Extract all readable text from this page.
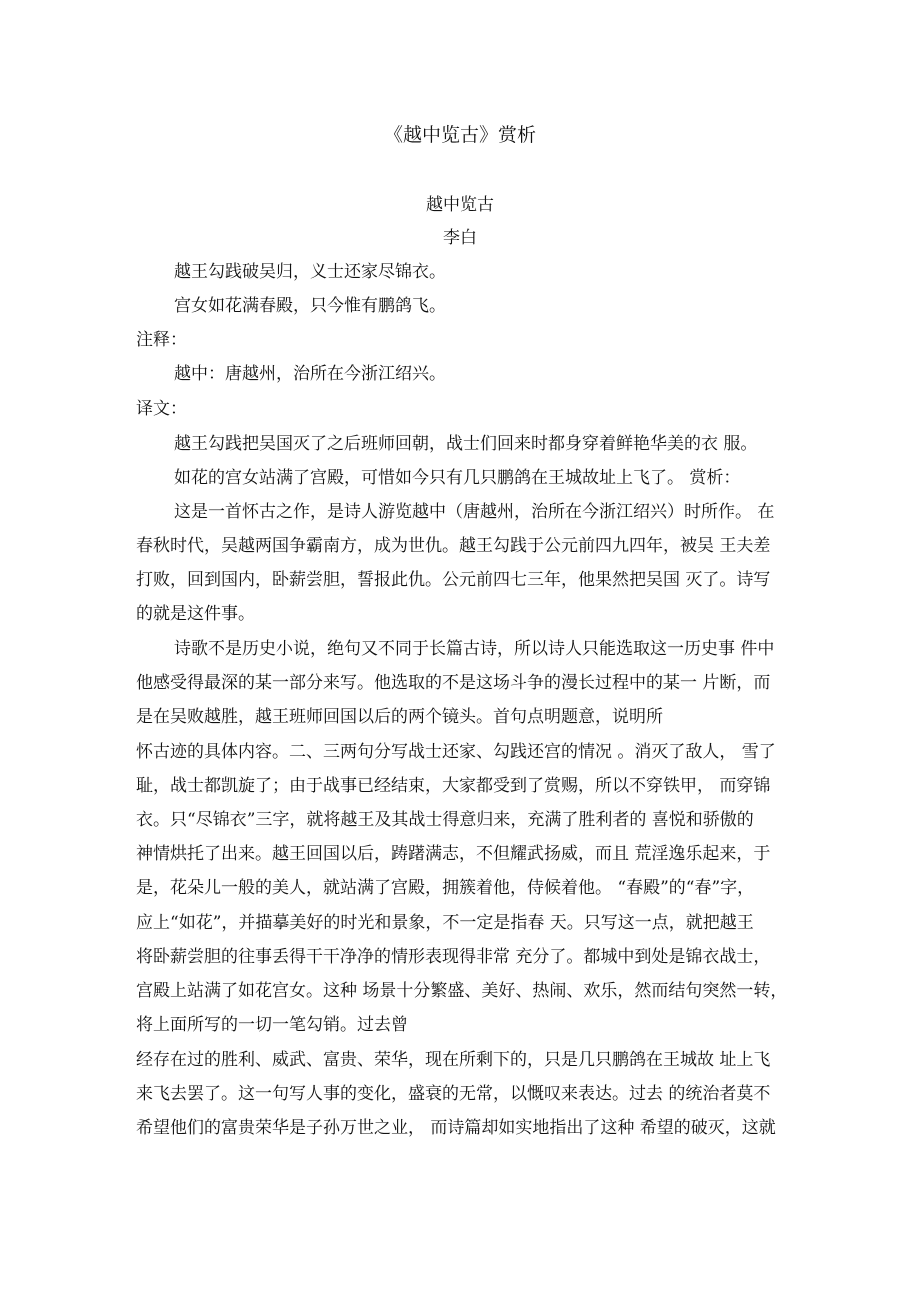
《越中览古》赏析
越中览古
李白
越王勾践破吴归，义士还家尽锦衣。
宫女如花满春殿，只今惟有鹏鸽飞。
注释：
越中：唐越州，治所在今浙江绍兴。
译文：
越王勾践把吴国灭了之后班师回朝，战士们回来时都身穿着鲜艳华美的衣 服。
如花的宫女站满了宫殿，可惜如今只有几只鹏鸽在王城故址上飞了。 赏析：
这是一首怀古之作，是诗人游览越中（唐越州，治所在今浙江绍兴）时所作。 在
春秋时代，吴越两国争霸南方，成为世仇。越王勾践于公元前四九四年，被吴 王夫差
打败，回到国内，卧薪尝胆，誓报此仇。公元前四七三年，他果然把吴国 灭了。诗写
的就是这件事。
诗歌不是历史小说，绝句又不同于长篇古诗，所以诗人只能选取这一历史事 件中
他感受得最深的某一部分来写。他选取的不是这场斗争的漫长过程中的某一 片断，而
是在吴败越胜，越王班师回国以后的两个镜头。首句点明题意，说明所
怀古迹的具体内容。二、三两句分写战士还家、勾践还宫的情况 。消灭了敌人， 雪了
耻，战士都凯旋了；由于战事已经结束，大家都受到了赏赐，所以不穿铁甲， 而穿锦
衣。只“尽锦衣”三字，就将越王及其战士得意归来，充满了胜利者的 喜悦和骄傲的
神情烘托了出来。越王回国以后，踌躇满志，不但耀武扬威，而且 荒淫逸乐起来，于
是，花朵儿一般的美人，就站满了宫殿，拥簇着他，侍候着他。 “春殿”的“春”字，
应上“如花”，并描摹美好的时光和景象，不一定是指春 天。只写这一点，就把越王
将卧薪尝胆的往事丢得干干净净的情形表现得非常 充分了。都城中到处是锦衣战士，
宫殿上站满了如花宫女。这种 场景十分繁盛、美好、热闹、欢乐，然而结句突然一转，
将上面所写的一切一笔勾销。过去曾
经存在过的胜利、威武、富贵、荣华，现在所剩下的，只是几只鹏鸽在王城故 址上飞
来飞去罢了。这一句写人事的变化，盛衰的无常，以慨叹来表达。过去 的统治者莫不
希望他们的富贵荣华是子孙万世之业， 而诗篇却如实地指出了这种 希望的破灭，这就
